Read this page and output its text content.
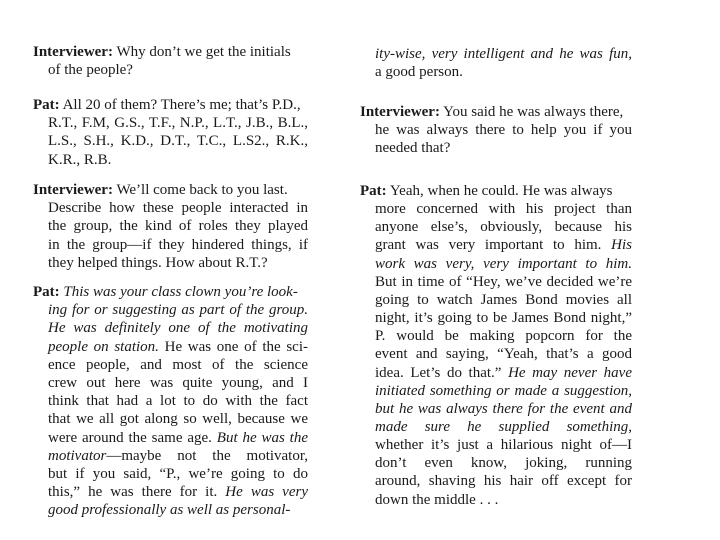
Interviewer: Why don’t we get the initials
of the people?
Pat: All 20 of them? There’s me; that’s P.D.,
R.T., F.M, G.S., T.F., N.P., L.T., J.B., B.L.,
L.S., S.H., K.D., D.T., T.C., L.S2., R.K.,
K.R., R.B.
Interviewer: We’ll come back to you last.
Describe how these people interacted in
the group, the kind of roles they played
in the group—if they hindered things, if
they helped things. How about R.T.?
Pat: This was your class clown you’re look-
ing for or suggesting as part of the group.
He was definitely one of the motivating
people on station. He was one of the sci-
ence people, and most of the science
crew out here was quite young, and I
think that had a lot to do with the fact
that we all got along so well, because we
were around the same age. But he was the
motivator—maybe not the motivator,
but if you said, “P., we’re going to do
this,” he was there for it. He was very
good professionally as well as personal-
ity-wise, very intelligent and he was fun,
a good person.
Interviewer: You said he was always there,
he was always there to help you if you
needed that?
Pat: Yeah, when he could. He was always
more concerned with his project than
anyone else’s, obviously, because his
grant was very important to him. His
work was very, very important to him.
But in time of “Hey, we’ve decided we’re
going to watch James Bond movies all
night, it’s going to be James Bond night,”
P. would be making popcorn for the
event and saying, “Yeah, that’s a good
idea. Let’s do that.” He may never have
initiated something or made a suggestion,
but he was always there for the event and
made sure he supplied something,
whether it’s just a hilarious night of—I
don’t even know, joking, running
around, shaving his hair off except for
down the middle . . .
